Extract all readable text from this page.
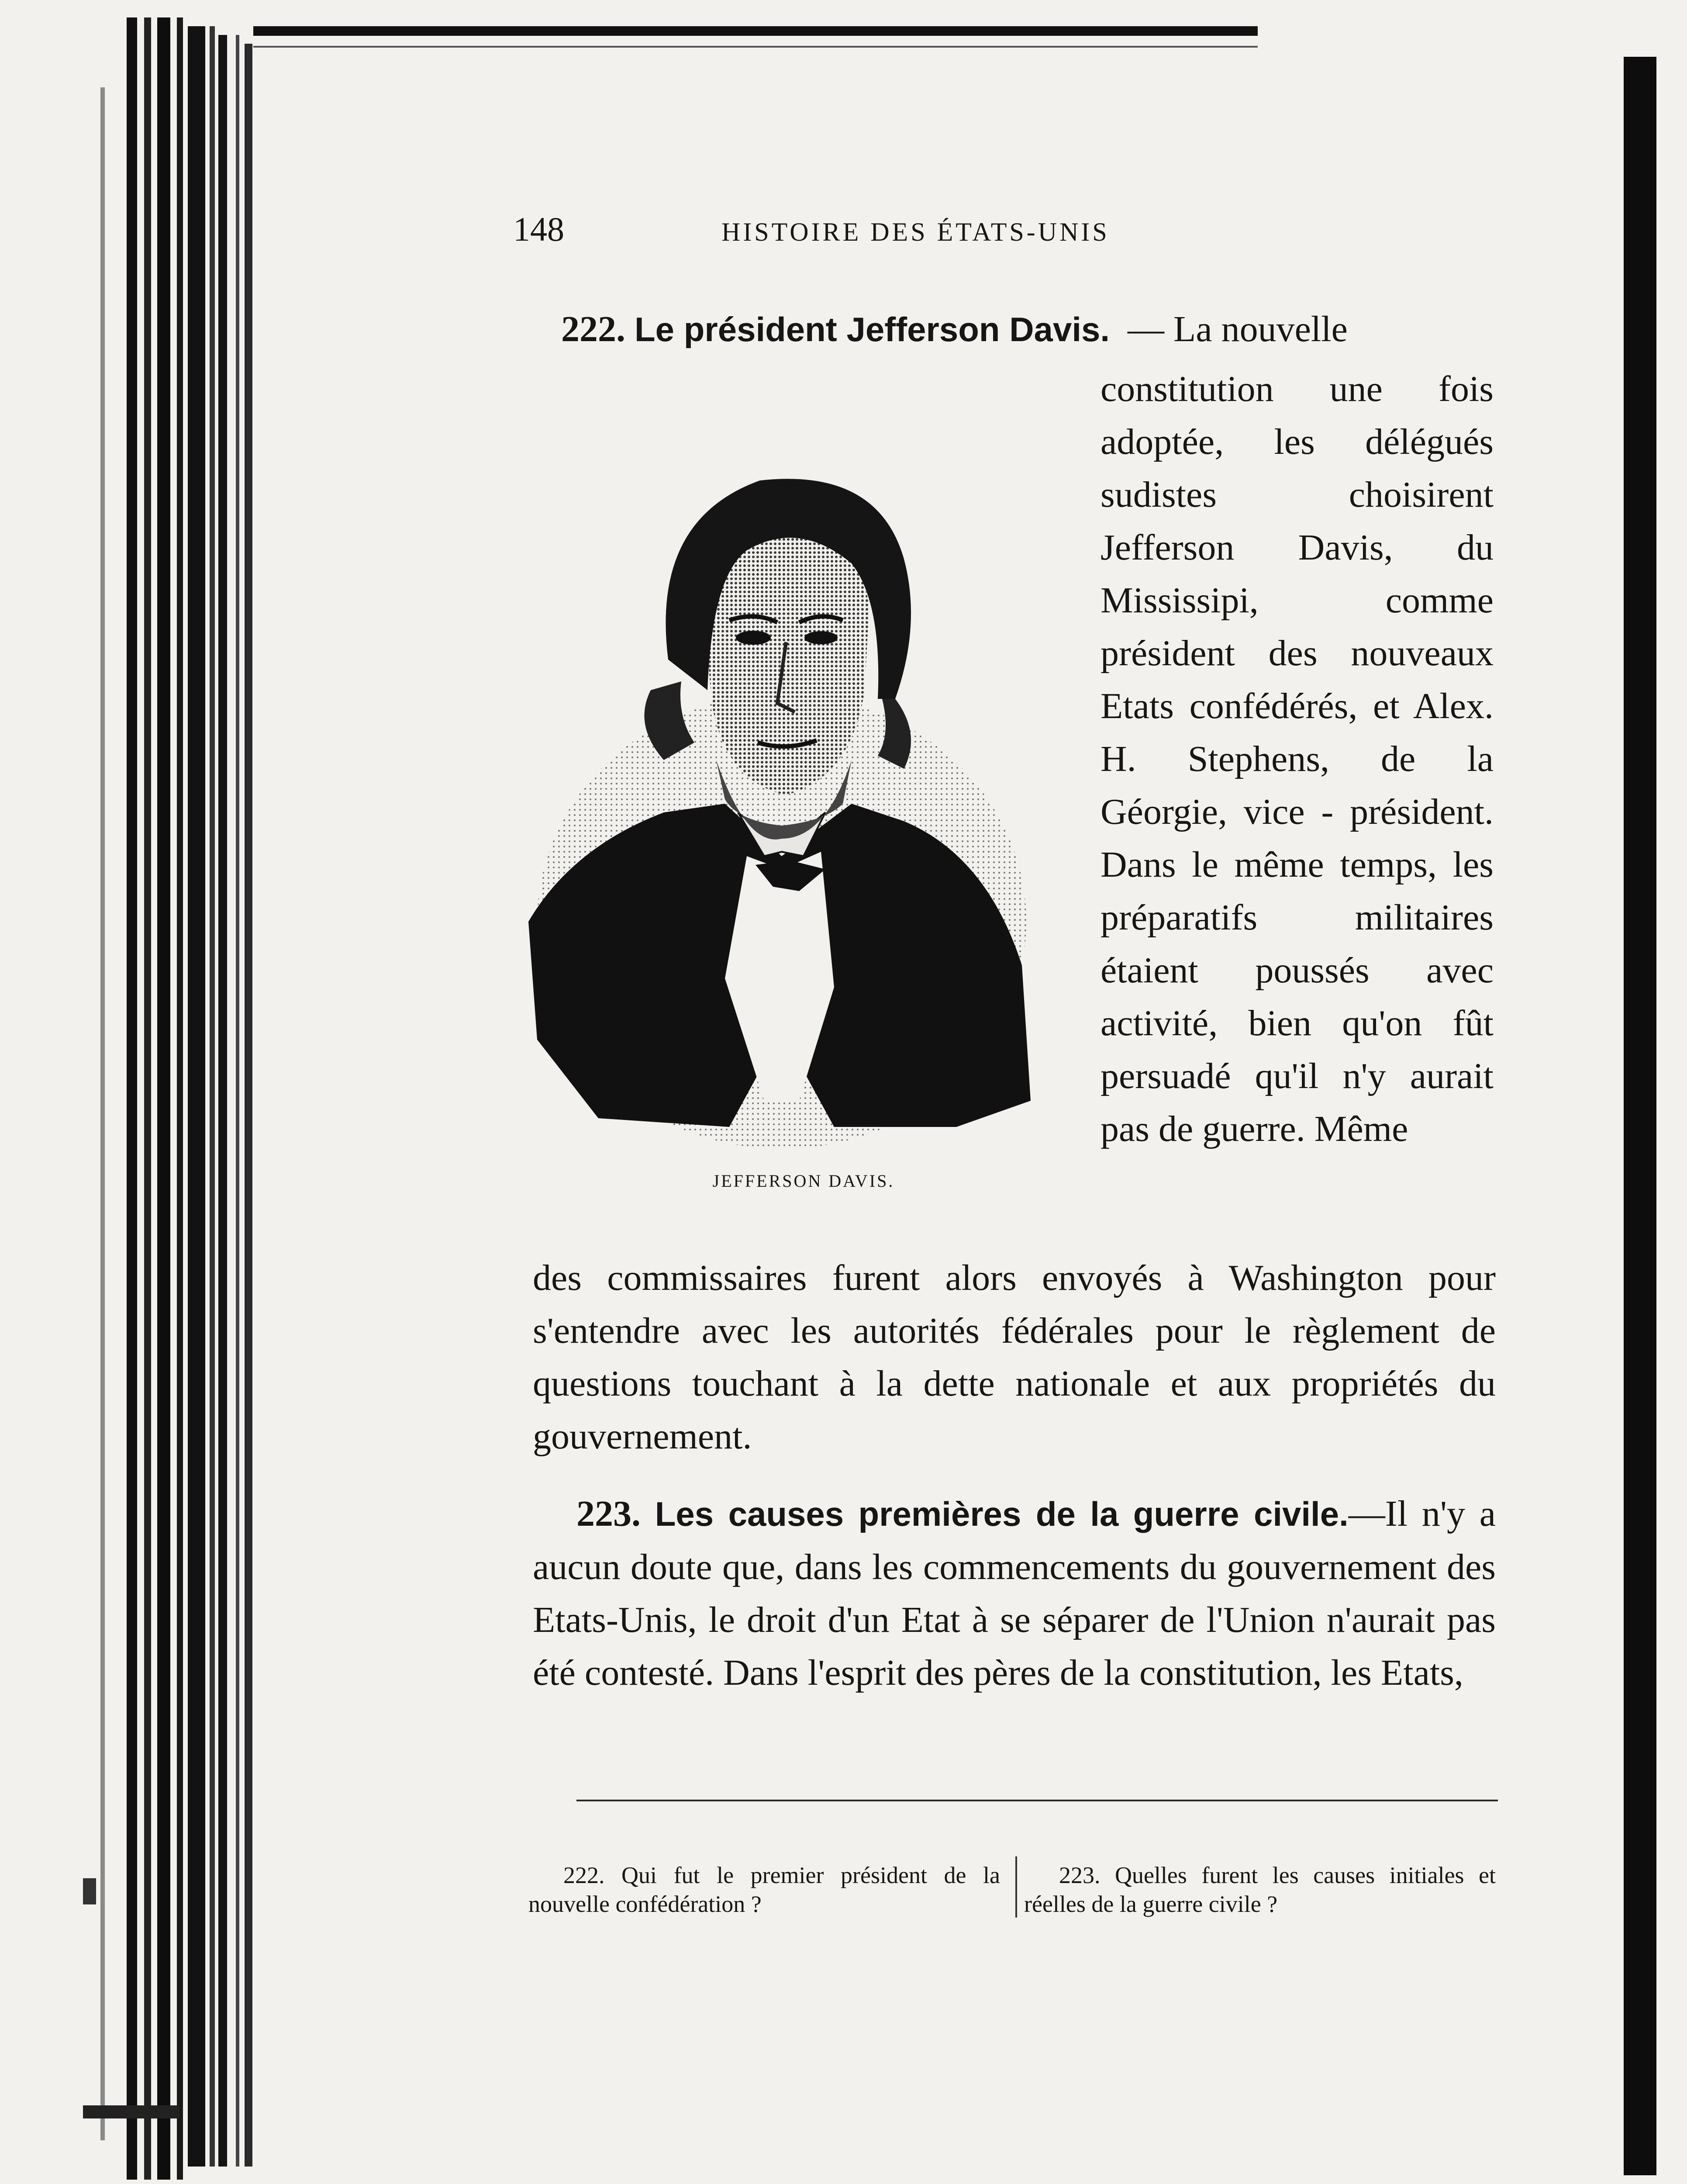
148	HISTOIRE DES ÉTATS-UNIS
222. Le président Jefferson Davis. — La nouvelle
JEFFERSON DAVIS.
constitution une fois adoptée, les délégués sudistes choisirent Jefferson Davis, du Mississipi, comme président des nouveaux Etats confédérés, et Alex. H. Stephens, de la Géorgie, vice - président. Dans le même temps, les préparatifs militaires étaient poussés avec activité, bien qu'on fût persuadé qu'il n'y aurait pas de guerre. Même
des commissaires furent alors envoyés à Washington pour s'entendre avec les autorités fédérales pour le règlement de questions touchant à la dette nationale et aux propriétés du gouvernement.
223. Les causes premières de la guerre civile.—Il n'y a aucun doute que, dans les commencements du gouvernement des Etats-Unis, le droit d'un Etat à se séparer de l'Union n'aurait pas été contesté. Dans l'esprit des pères de la constitution, les Etats,
222. Qui fut le premier président de la nouvelle confédération ?
223. Quelles furent les causes initiales et réelles de la guerre civile ?
